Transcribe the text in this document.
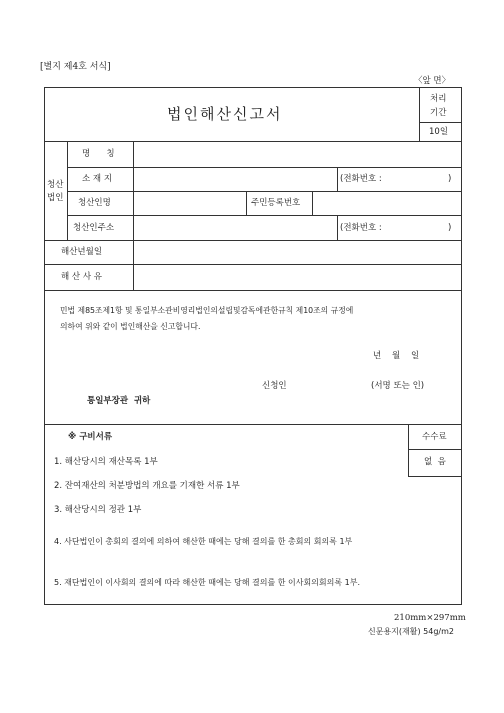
[별지 제4호 서식]
〈앞 면〉
법인해산신고서
처리
기간
10일
청산
법인
명      칭
소 재 지	(전화번호 :	)
청산인명	주민등록번호
청산인주소	(전화번호 :	)
해산년월일
해 산 사 유
민법 제85조제1항 및 통일부소관비영리법인의설립및감독에관한규칙 제10조의 규정에
의하여 위와 같이 법인해산을 신고합니다.
년    월    일
신청인	(서명 또는 인)
통일부장관  귀하
※ 구비서류	수수료
없  음
1. 해산당시의 재산목록 1부
2. 잔여재산의 처분방법의 개요를 기재한 서류 1부
3. 해산당시의 정관 1부
4. 사단법인이 총회의 결의에 의하여 해산한 때에는 당해 결의를 한 총회의 회의록 1부
5. 재단법인이 이사회의 결의에 따라 해산한 때에는 당해 결의를 한 이사회의회의록 1부.
210mm×297mm
신문용지(재활) 54g/m2
